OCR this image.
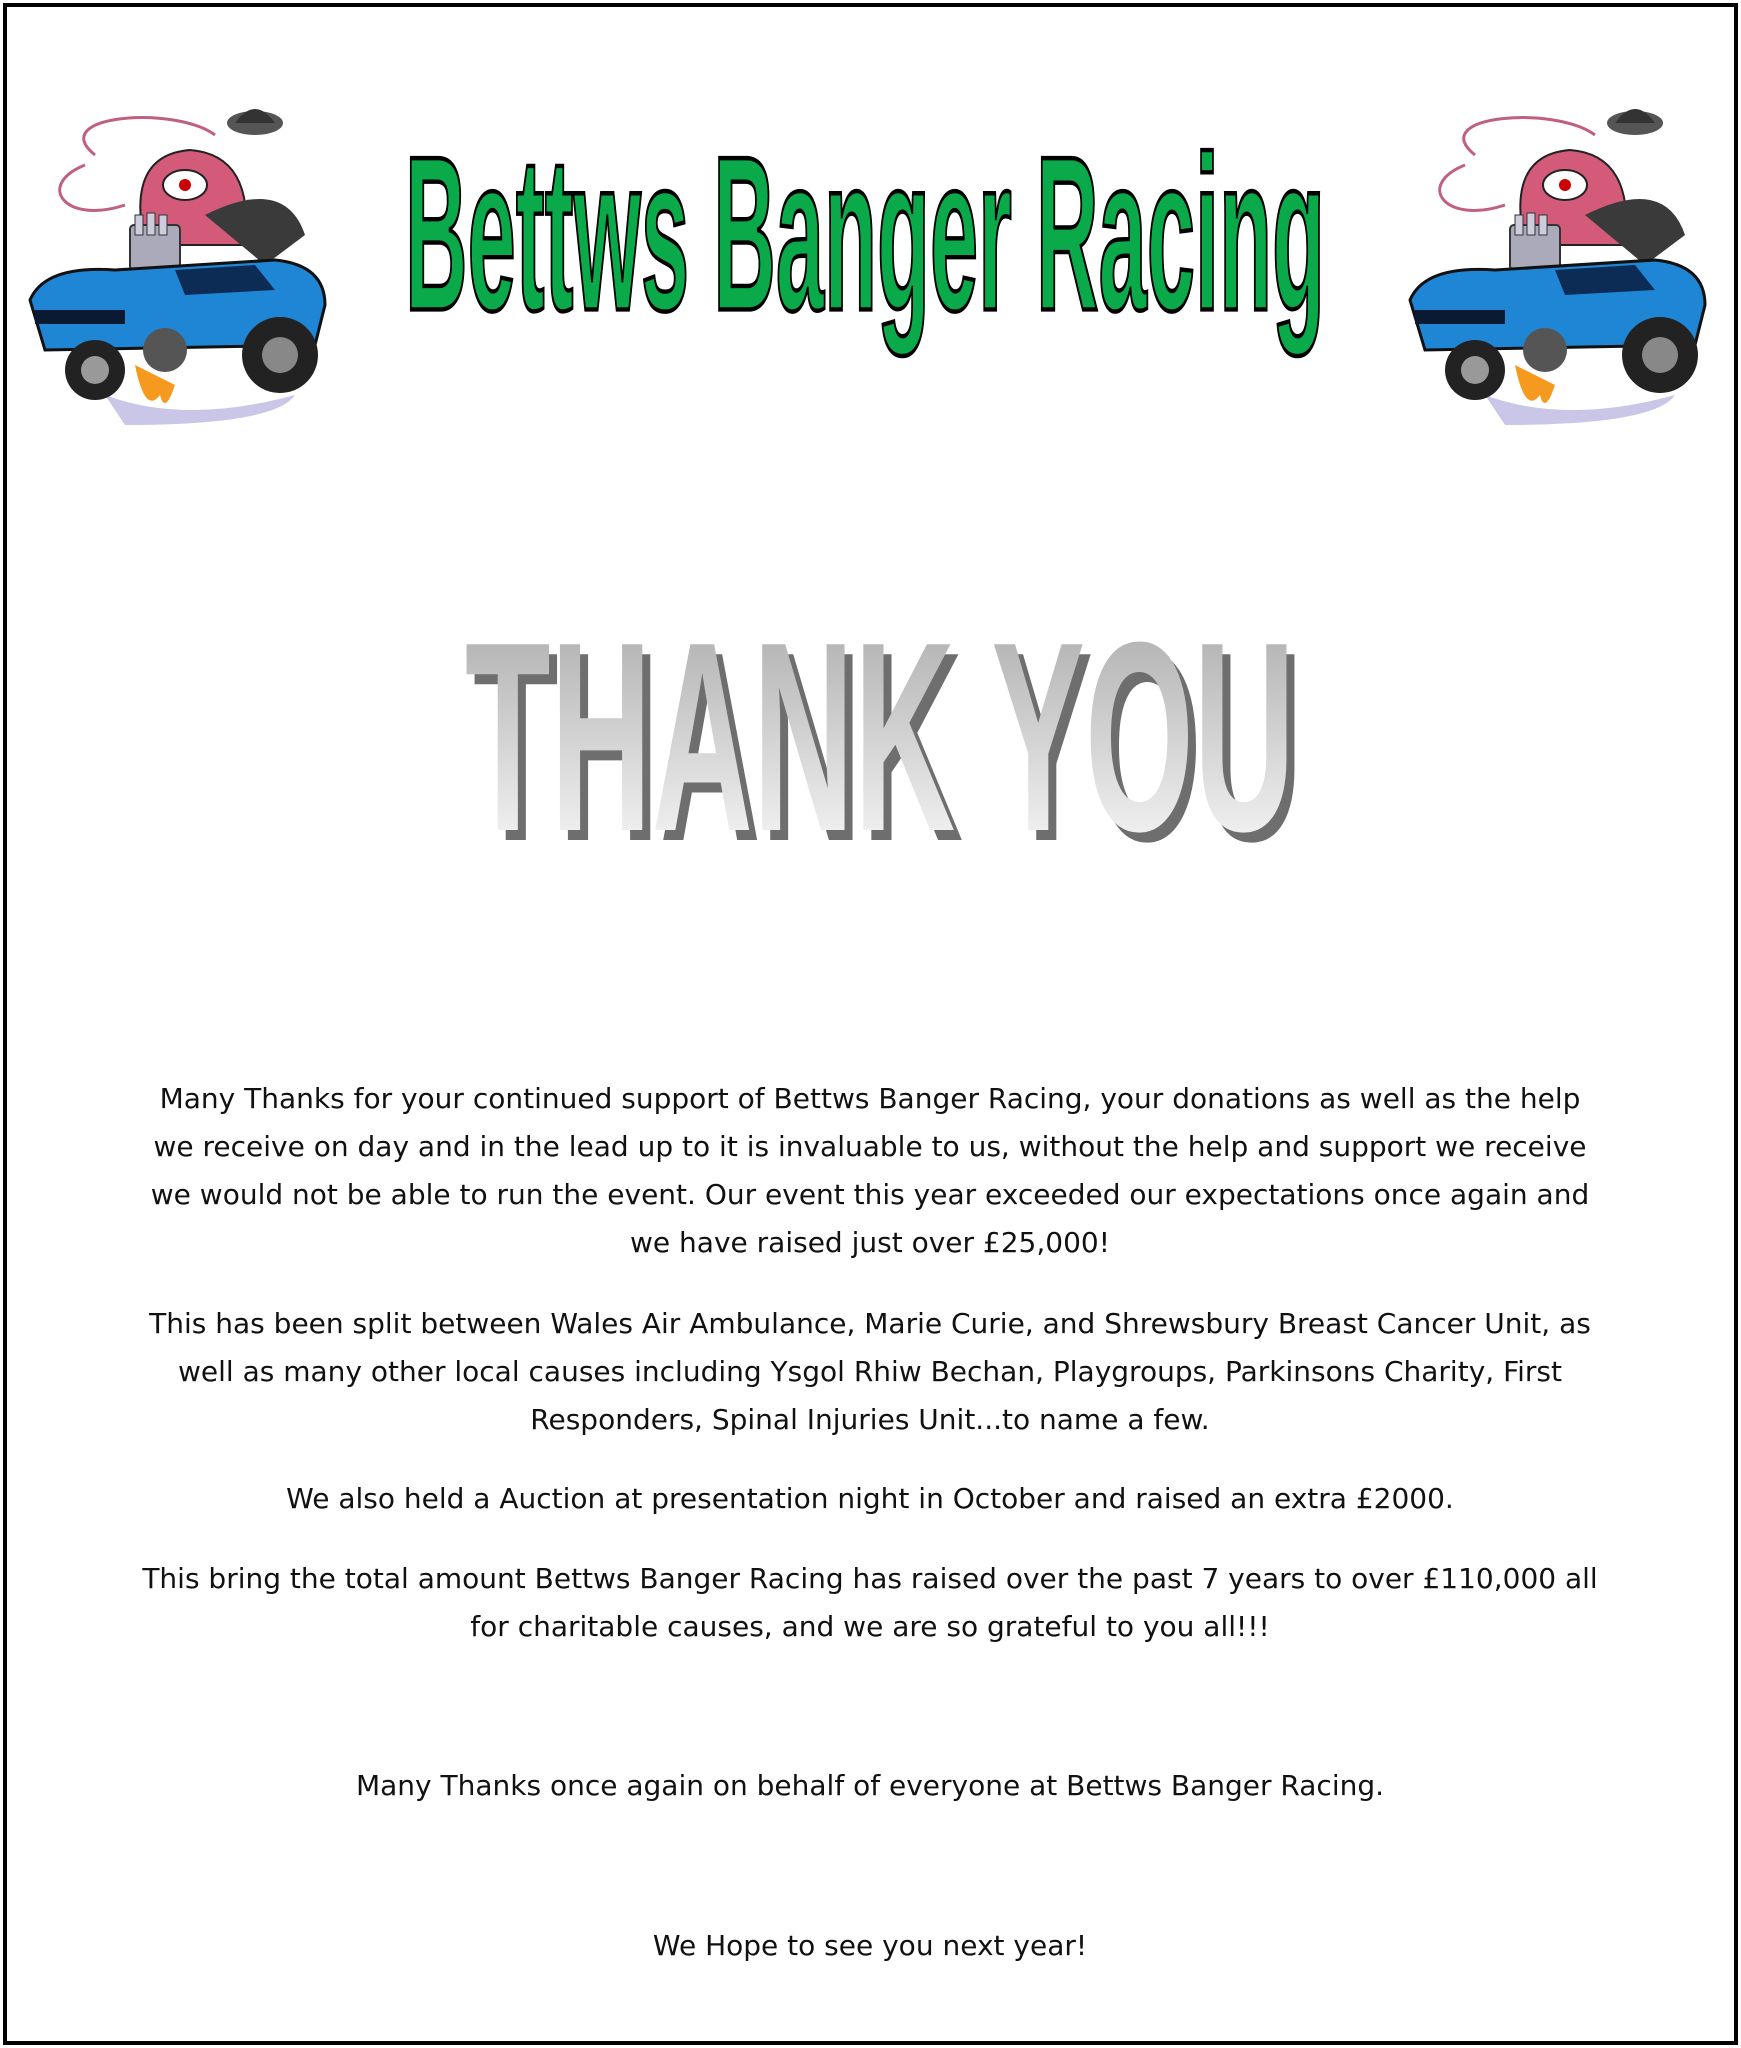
Bettws Banger Racing
THANK YOU
THANK YOU

Many Thanks for your continued support of Bettws Banger Racing, your donations as well as the help we receive on day and in the lead up to it is invaluable to us, without the help and support we receive we would not be able to run the event. Our event this year exceeded our expectations once again and we have raised just over £25,000!

This has been split between Wales Air Ambulance, Marie Curie, and Shrewsbury Breast Cancer Unit, as well as many other local causes including Ysgol Rhiw Bechan, Playgroups, Parkinsons Charity, First Responders, Spinal Injuries Unit...to name a few.

We also held a Auction at presentation night in October and raised an extra £2000.

This bring the total amount Bettws Banger Racing has raised over the past 7 years to over £110,000 all for charitable causes, and we are so grateful to you all!!!

Many Thanks once again on behalf of everyone at Bettws Banger Racing.

We Hope to see you next year!
